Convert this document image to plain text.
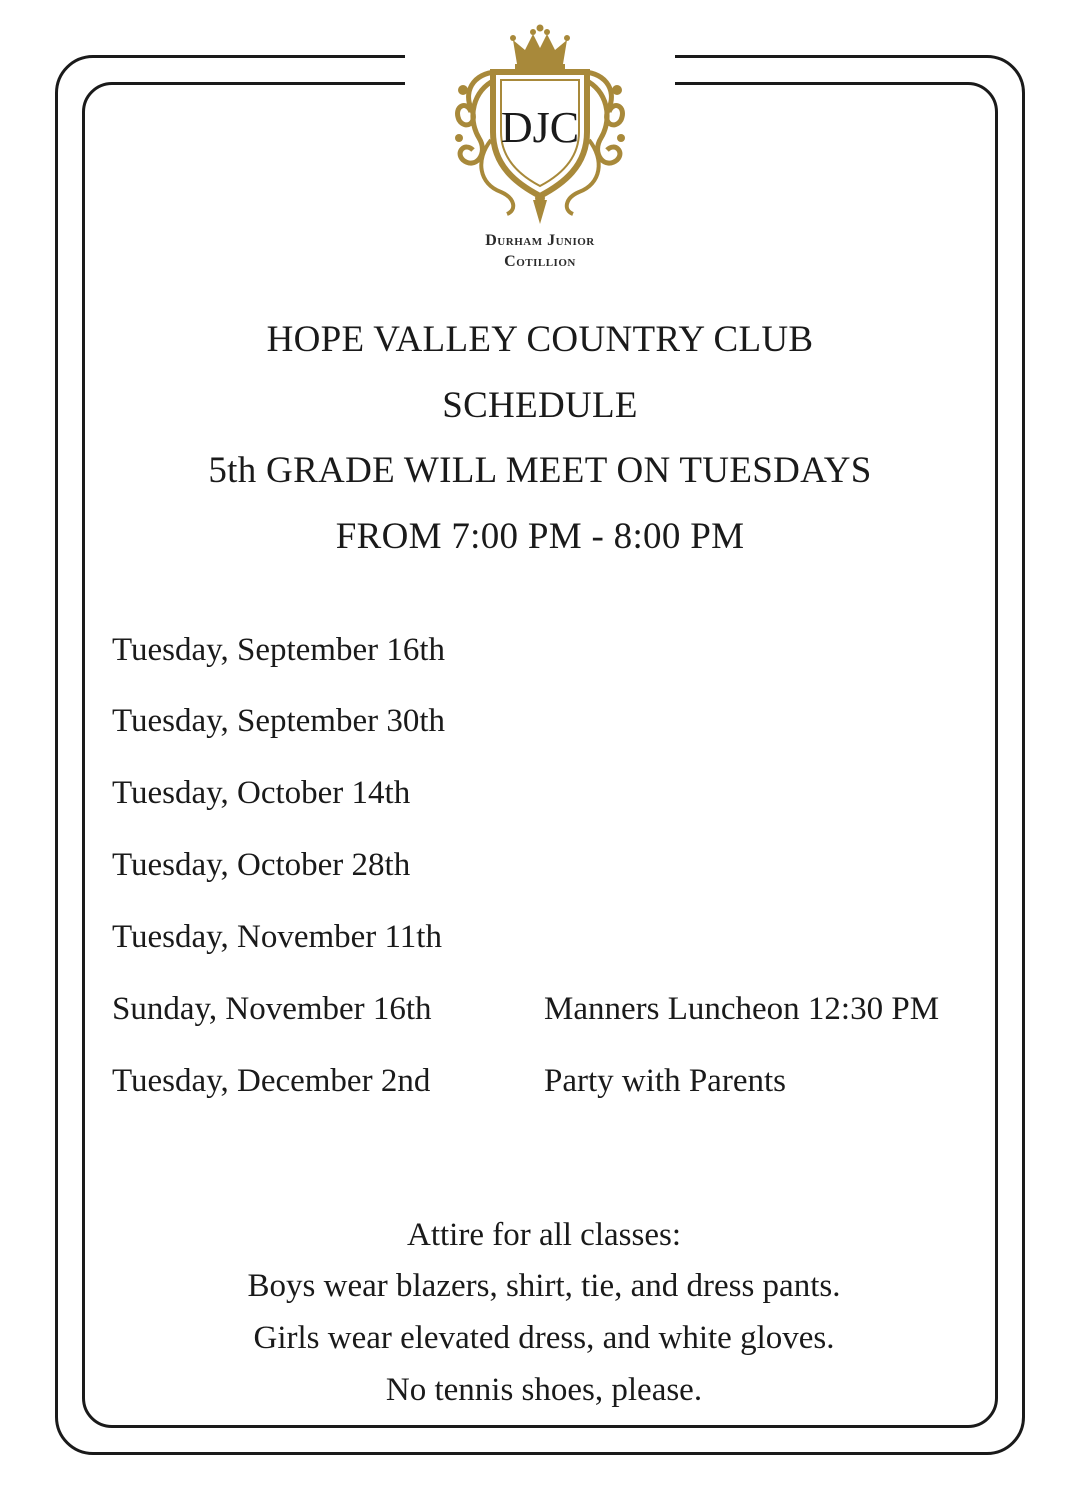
DJC
Durham Junior
Cotillion
HOPE VALLEY COUNTRY CLUB
SCHEDULE
5th GRADE WILL MEET ON TUESDAYS
FROM 7:00 PM - 8:00 PM
Tuesday, September 16th
Tuesday, September 30th
Tuesday, October 14th
Tuesday, October 28th
Tuesday, November 11th
Sunday, November 16th	Manners Luncheon 12:30 PM
Tuesday, December 2nd	Party with Parents
Attire for all classes:
Boys wear blazers, shirt, tie, and dress pants.
Girls wear elevated dress, and white gloves.
No tennis shoes, please.
